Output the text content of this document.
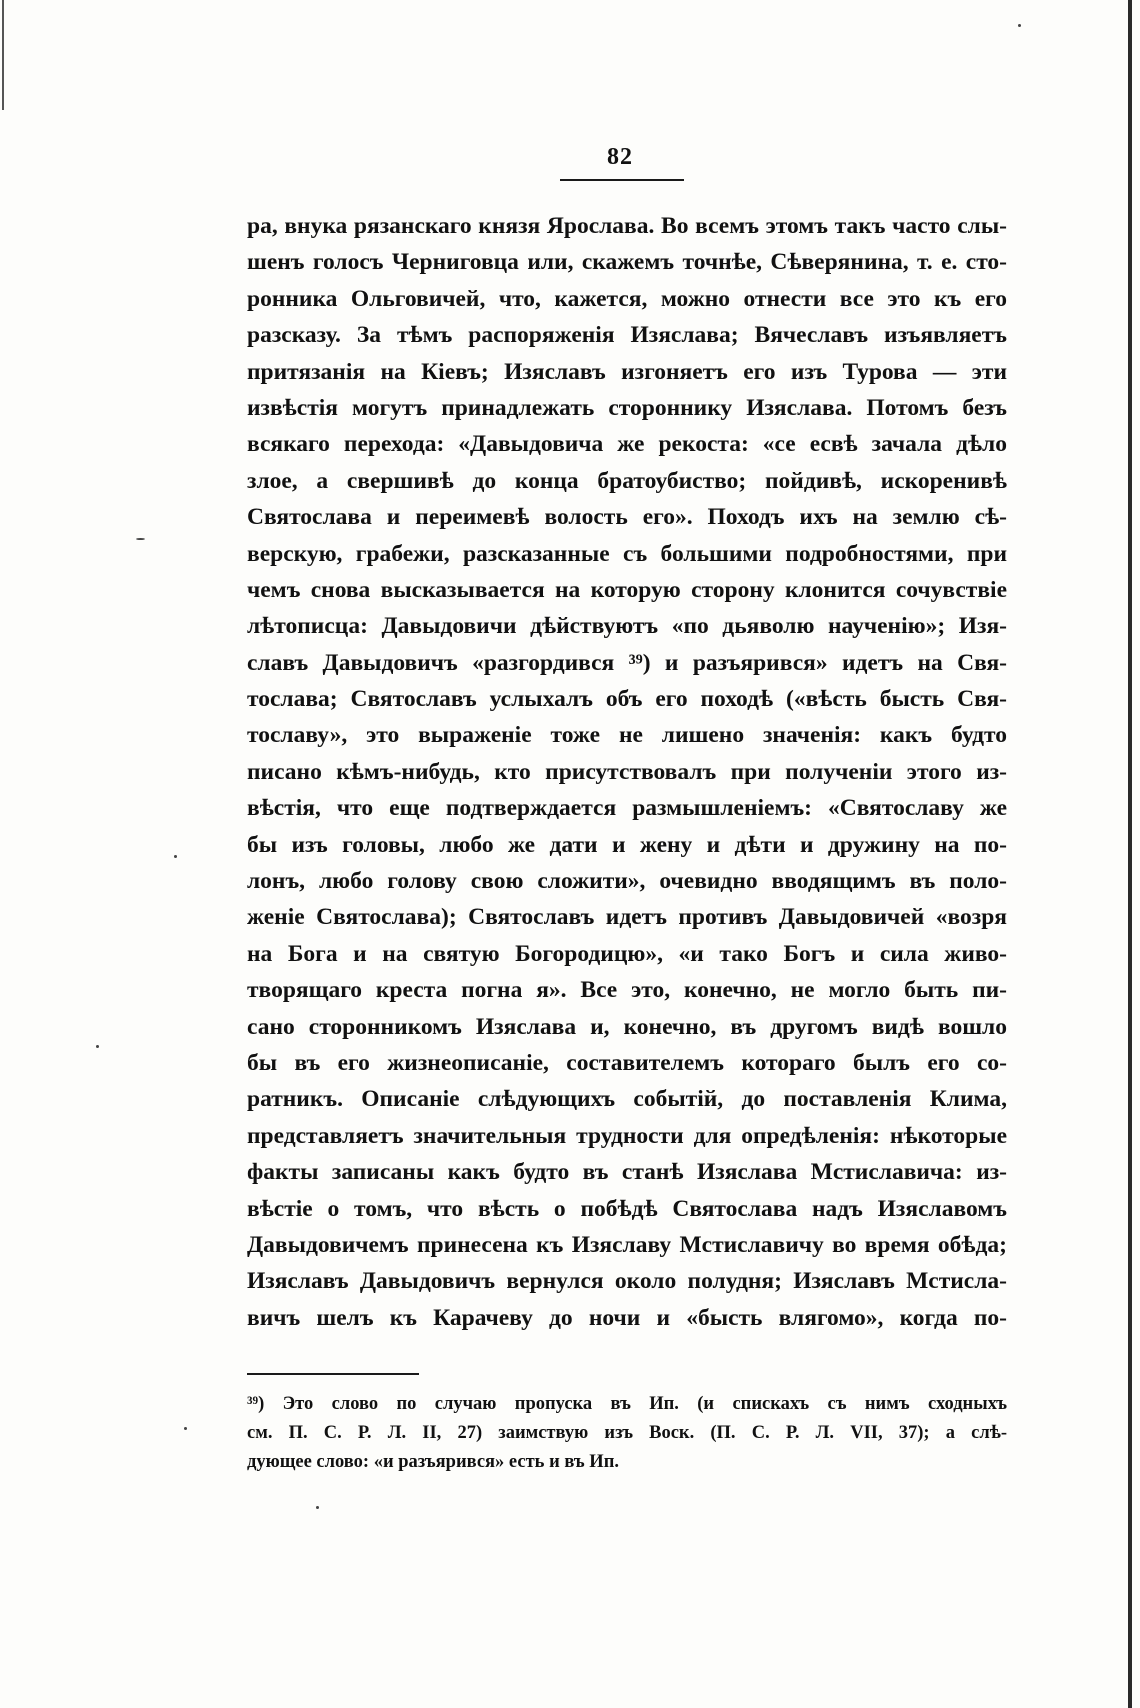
82
ра, внука рязанскаго князя Ярослава. Во всемъ этомъ такъ часто слы-
шенъ голосъ Черниговца или, скажемъ точнѣе, Сѣверянина, т. е. сто-
ронника Ольговичей, что, кажется, можно отнести все это къ его
разсказу. За тѣмъ распоряженія Изяслава; Вячеславъ изъявляетъ
притязанія на Кіевъ; Изяславъ изгоняетъ его изъ Турова — эти
извѣстія могутъ принадлежать стороннику Изяслава. Потомъ безъ
всякаго перехода: «Давыдовича же рекоста: «се есвѣ зачала дѣло
злое, а свершивѣ до конца братоубиство; пойдивѣ, искоренивѣ
Святослава и переимевѣ волость его». Походъ ихъ на землю сѣ-
верскую, грабежи, разсказанные съ большими подробностями, при
чемъ снова высказывается на которую сторону клонится сочувствіе
лѣтописца: Давыдовичи дѣйствуютъ «по дьяволю наученію»; Изя-
славъ Давыдовичъ «разгордився ³⁹) и разъярився» идетъ на Свя-
тослава; Святославъ услыхалъ объ его походѣ («вѣсть бысть Свя-
тославу», это выраженіе тоже не лишено значенія: какъ будто
писано кѣмъ-нибудь, кто присутствовалъ при полученіи этого из-
вѣстія, что еще подтверждается размышленіемъ: «Святославу же
бы изъ головы, любо же дати и жену и дѣти и дружину на по-
лонъ, любо голову свою сложити», очевидно вводящимъ въ поло-
женіе Святослава); Святославъ идетъ противъ Давыдовичей «возря
на Бога и на святую Богородицю», «и тако Богъ и сила живо-
творящаго креста погна я». Все это, конечно, не могло быть пи-
сано сторонникомъ Изяслава и, конечно, въ другомъ видѣ вошло
бы въ его жизнеописаніе, составителемъ котораго былъ его со-
ратникъ. Описаніе слѣдующихъ событій, до поставленія Клима,
представляетъ значительныя трудности для опредѣленія: нѣкоторые
факты записаны какъ будто въ станѣ Изяслава Мстиславича: из-
вѣстіе о томъ, что вѣсть о побѣдѣ Святослава надъ Изяславомъ
Давыдовичемъ принесена къ Изяславу Мстиславичу во время обѣда;
Изяславъ Давыдовичъ вернулся около полудня; Изяславъ Мстисла-
вичъ шелъ къ Карачеву до ночи и «бысть влягомо», когда по-
³⁹) Это слово по случаю пропуска въ Ип. (и спискахъ съ нимъ сходныхъ
см. П. С. Р. Л. II, 27) заимствую изъ Воск. (П. С. Р. Л. VII, 37); а слѣ-
дующее слово: «и разъярився» есть и въ Ип.
